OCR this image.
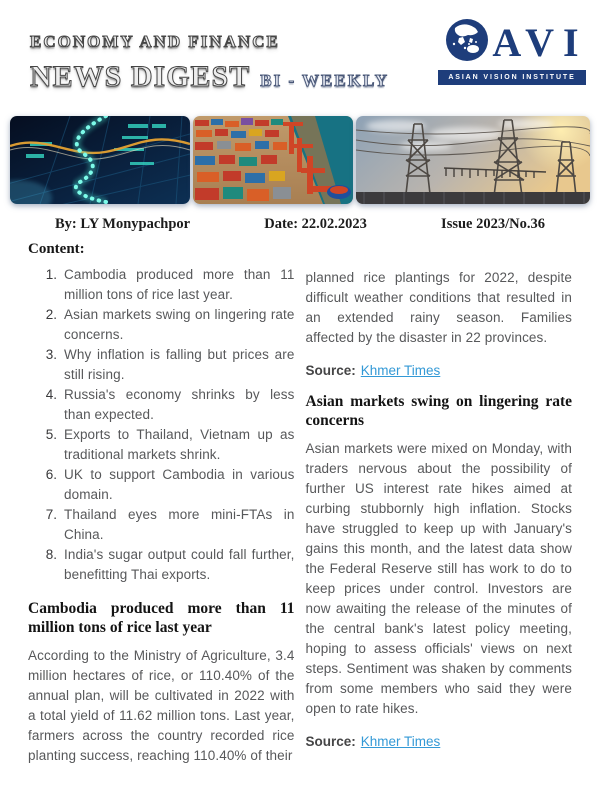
ECONOMY AND FINANCE
NEWS DIGEST BI - WEEKLY
AVI
ASIAN VISION INSTITUTE
By: LY Monypachpor	Date: 22.02.2023	Issue 2023/No.36
Content:
1. Cambodia produced more than 11 million tons of rice last year.
2. Asian markets swing on lingering rate concerns.
3. Why inflation is falling but prices are still rising.
4. Russia's economy shrinks by less than expected.
5. Exports to Thailand, Vietnam up as traditional markets shrink.
6. UK to support Cambodia in various domain.
7. Thailand eyes more mini-FTAs in China.
8. India's sugar output could fall further, benefitting Thai exports.
Cambodia produced more than 11 million tons of rice last year

According to the Ministry of Agriculture, 3.4 million hectares of rice, or 110.40% of the annual plan, will be cultivated in 2022 with a total yield of 11.62 million tons. Last year, farmers across the country recorded rice planting success, reaching 110.40% of their

planned rice plantings for 2022, despite difficult weather conditions that resulted in an extended rainy season. Families affected by the disaster in 22 provinces.

Source: Khmer Times

Asian markets swing on lingering rate concerns

Asian markets were mixed on Monday, with traders nervous about the possibility of further US interest rate hikes aimed at curbing stubbornly high inflation. Stocks have struggled to keep up with January's gains this month, and the latest data show the Federal Reserve still has work to do to keep prices under control. Investors are now awaiting the release of the minutes of the central bank's latest policy meeting, hoping to assess officials' views on next steps. Sentiment was shaken by comments from some members who said they were open to rate hikes.

Source: Khmer Times
